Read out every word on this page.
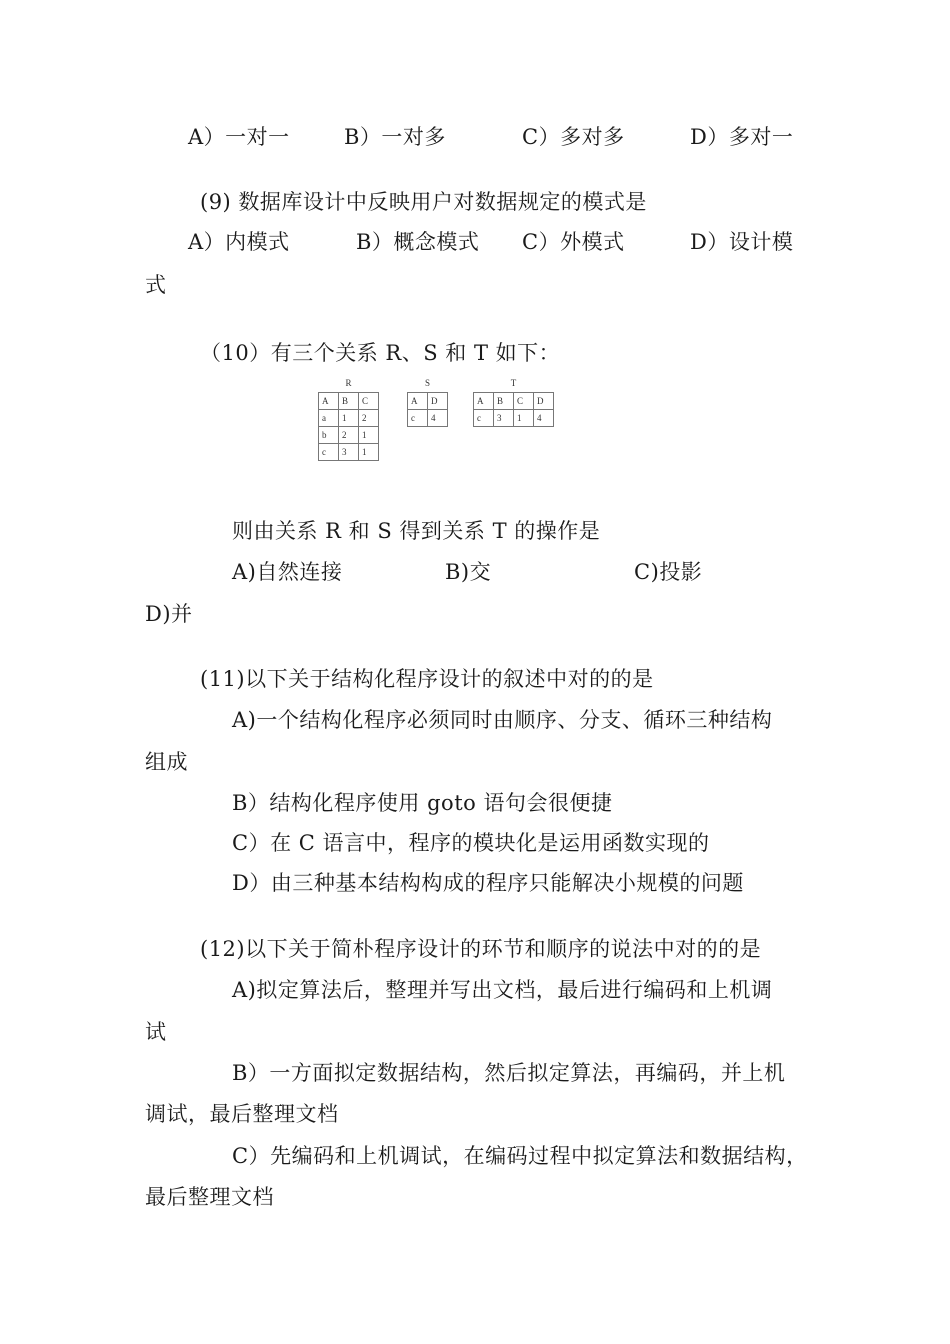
A）一对一	B）一对多	C）多对多	D）多对一
(9) 数据库设计中反映用户对数据规定的模式是
A）内模式	B）概念模式 C）外模式	D）设计模
式
（10）有三个关系 R、S 和 T 如下：
R
A	B	C
a	1	2
b	2	1
c	3	1
S
A	D
c	4
T
A	B	C	D
c	3	1	4
则由关系 R 和 S 得到关系 T 的操作是
A)自然连接	B)交	C)投影
D)并
(11)以下关于结构化程序设计的叙述中对的的是
A)一个结构化程序必须同时由顺序、分支、循环三种结构
组成
B）结构化程序使用 goto 语句会很便捷
C）在 C 语言中，程序的模块化是运用函数实现的
D）由三种基本结构构成的程序只能解决小规模的问题
(12)以下关于简朴程序设计的环节和顺序的说法中对的的是
A)拟定算法后，整理并写出文档，最后进行编码和上机调
试
B）一方面拟定数据结构，然后拟定算法，再编码，并上机
调试，最后整理文档
C）先编码和上机调试，在编码过程中拟定算法和数据结构，
最后整理文档
